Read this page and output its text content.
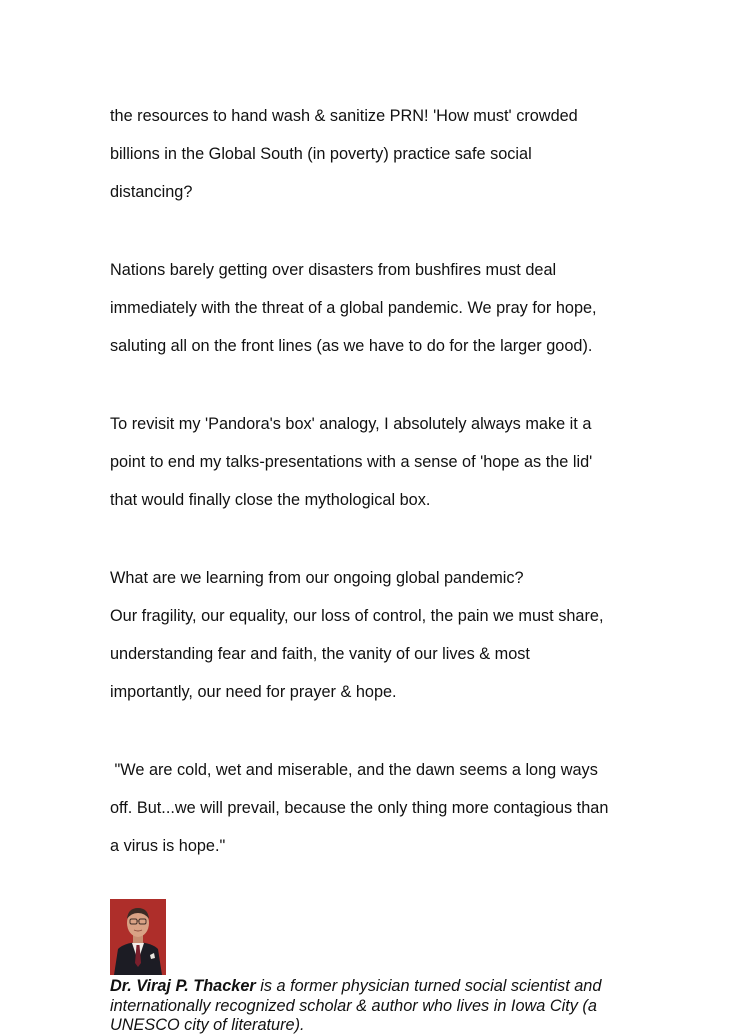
the resources to hand wash & sanitize PRN! 'How must' crowded

billions in the Global South (in poverty) practice safe social

distancing?

Nations barely getting over disasters from bushfires must deal

immediately with the threat of a global pandemic. We pray for hope,

saluting all on the front lines (as we have to do for the larger good).

To revisit my 'Pandora's box' analogy, I absolutely always make it a

point to end my talks-presentations with a sense of 'hope as the lid'

that would finally close the mythological box.

What are we learning from our ongoing global pandemic?

Our fragility, our equality, our loss of control, the pain we must share,

understanding fear and faith, the vanity of our lives & most

importantly, our need for prayer & hope.

"We are cold, wet and miserable, and the dawn seems a long ways

off. But...we will prevail, because the only thing more contagious than

a virus is hope."

Dr. Viraj P. Thacker is a former physician turned social scientist and
internationally recognized scholar & author who lives in Iowa City (a
UNESCO city of literature).
